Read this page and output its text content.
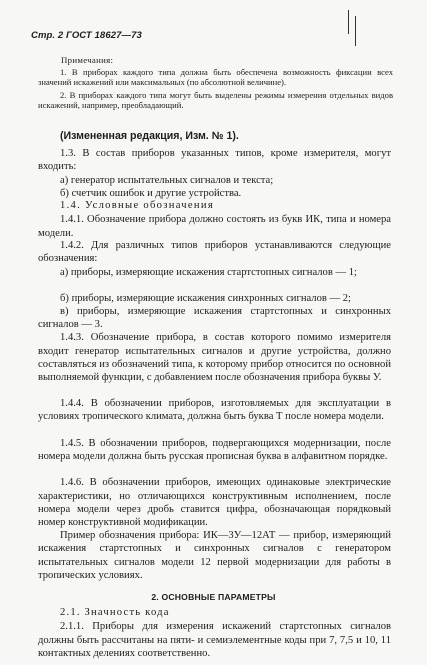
Стр. 2 ГОСТ 18627—73
Примечания:

1. В приборах каждого типа должна быть обеспечена возможность фиксации всех значений искажений или максимальных (по абсолютной величине).

2. В приборах каждого типа могут быть выделены режимы измерения отдельных видов искажений, например, преобладающий.

(Измененная редакция, Изм. № 1).

1.3. В состав приборов указанных типов, кроме измерителя, могут входить:

а) генератор испытательных сигналов и текста;

б) счетчик ошибок и другие устройства.

1.4. Условные обозначения

1.4.1. Обозначение прибора должно состоять из букв ИК, типа и номера модели.

1.4.2. Для различных типов приборов устанавливаются следующие обозначения:

а) приборы, измеряющие искажения стартстопных сигналов — 1;

б) приборы, измеряющие искажения синхронных сигналов — 2;

в) приборы, измеряющие искажения стартстопных и синхронных сигналов — 3.

1.4.3. Обозначение прибора, в состав которого помимо измерителя входит генератор испытательных сигналов и другие устройства, должно составляться из обозначений типа, к которому прибор относится по основной выполняемой функции, с добавлением после обозначения прибора буквы У.

1.4.4. В обозначении приборов, изготовляемых для эксплуатации в условиях тропического климата, должна быть буква Т после номера модели.

1.4.5. В обозначении приборов, подвергающихся модернизации, после номера модели должна быть русская прописная буква в алфавитном порядке.

1.4.6. В обозначении приборов, имеющих одинаковые электрические характеристики, но отличающихся конструктивным исполнением, после номера модели через дробь ставится цифра, обозначающая порядковый номер конструктивной модификации.

Пример обозначения прибора: ИК—3У—12АТ — прибор, измеряющий искажения стартстопных и синхронных сигналов с генератором испытательных сигналов модели 12 первой модернизации для работы в тропических условиях.

2. ОСНОВНЫЕ ПАРАМЕТРЫ

2.1. Значность кода

2.1.1. Приборы для измерения искажений стартстопных сигналов должны быть рассчитаны на пяти- и семиэлементные коды при 7, 7,5 и 10, 11 контактных делениях соответственно.
